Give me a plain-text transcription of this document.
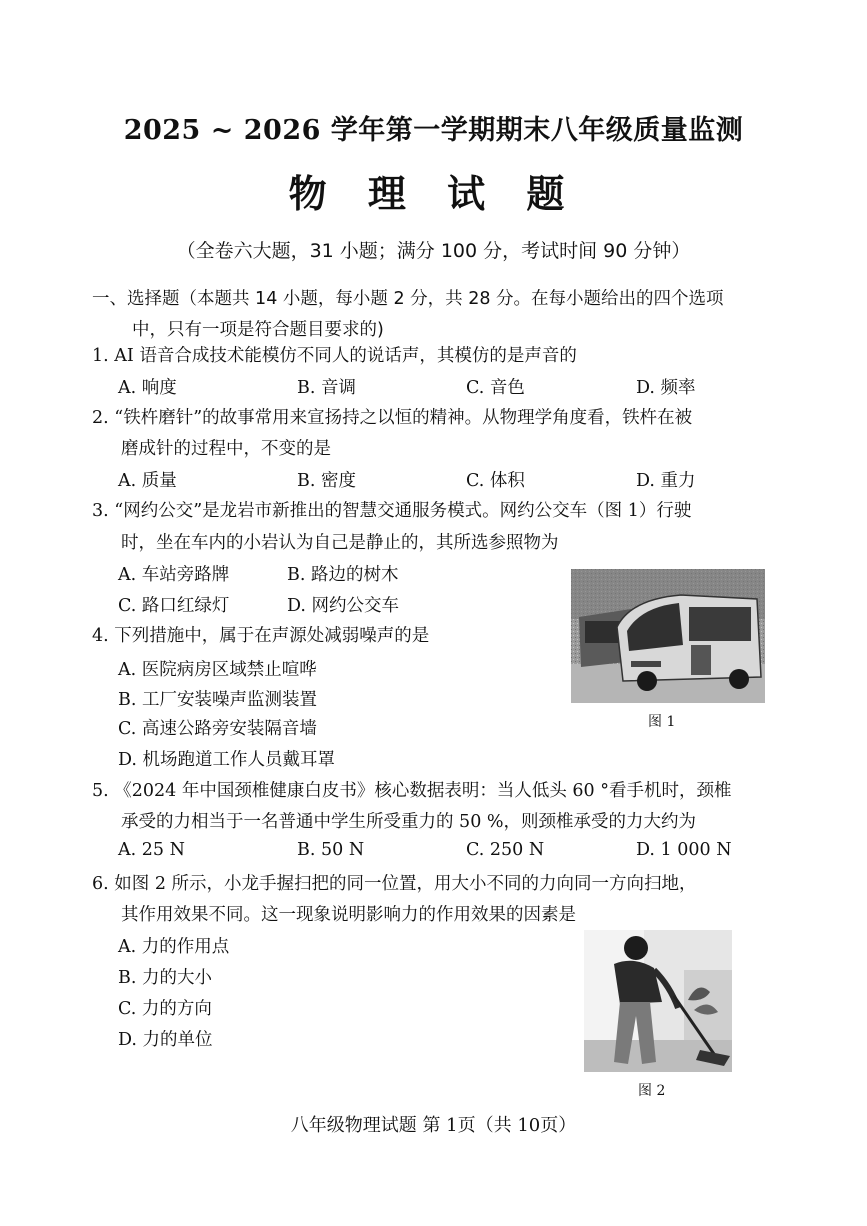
2025 ~ 2026 学年第一学期期末八年级质量监测
物 理 试 题
（全卷六大题，31 小题；满分 100 分，考试时间 90 分钟）
一、选择题（本题共 14 小题，每小题 2 分，共 28 分。在每小题给出的四个选项
中，只有一项是符合题目要求的)
1. AI 语音合成技术能模仿不同人的说话声，其模仿的是声音的
A. 响度	B. 音调	C. 音色	D. 频率
2. “铁杵磨针”的故事常用来宣扬持之以恒的精神。从物理学角度看，铁杵在被
磨成针的过程中，不变的是
A. 质量	B. 密度	C. 体积	D. 重力
3. “网约公交”是龙岩市新推出的智慧交通服务模式。网约公交车（图 1）行驶
时，坐在车内的小岩认为自己是静止的，其所选参照物为
A. 车站旁路牌	B. 路边的树木
C. 路口红绿灯	D. 网约公交车
图 1
4. 下列措施中，属于在声源处减弱噪声的是
A. 医院病房区域禁止喧哗
B. 工厂安装噪声监测装置
C. 高速公路旁安装隔音墙
D. 机场跑道工作人员戴耳罩
5. 《2024 年中国颈椎健康白皮书》核心数据表明：当人低头 60 °看手机时，颈椎
承受的力相当于一名普通中学生所受重力的 50 %，则颈椎承受的力大约为
A. 25 N	B. 50 N	C. 250 N	D. 1 000 N
6. 如图 2 所示，小龙手握扫把的同一位置，用大小不同的力向同一方向扫地，
其作用效果不同。这一现象说明影响力的作用效果的因素是
A. 力的作用点
B. 力的大小
C. 力的方向
D. 力的单位
图 2
八年级物理试题 第 1页（共 10页）
